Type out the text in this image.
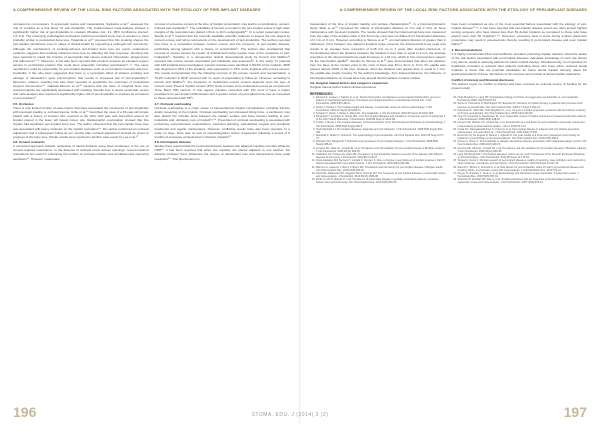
A COMPREHENSIVE REVIEW OF THE LOCAL RISK FACTORS ASSOCIATED WITH THE ETIOLOGY OF PERI-IMPLANT DISEASES

compared to non-smokers. In systematic review and metaanalysis, Sgolastra et al.³⁷ assessed the role of smoking as a risk factor for peri-implantitis. The implant-based meta-analysis showed a significantly higher risk of peri-implantitis in smokers (Relative risk: 3.1, 95% Confidence interval: 1.5–6.4). The underlying pathological mechanism behind peri-implant bone loss in smokers is most probably similar to periodontal bone loss. Tsigarida et al.³⁸ proposed that this smoking shapes the peri-implant microbiome even in states of clinical health by supporting a pathogen-rich community. Although the mechanisms of smoking-induced peri-implant bone loss are poorly understood, evidence suggests that smoking enhances bone loss by affecting the host response. Smoking has been reported to impair the function of neutrophils that causes reduced chemotaxis, phagocytosis and adherence³⁹·⁴⁰. Moreover, it has also been reported that smokers possess an elevated oxygen tension in periodontal pockets that could favor anaerobic microbial colonization⁴¹·⁴². The same mechanism could be responsible for peri-implant diseases such as peri-implant mucositis and peri-implantitis. It has also been suggested that there is a synergistic effect of tobacco smoking and carriage of interleukin-1 gene polymorphism that results in increased risk of peri-implantitis⁴³. Moreover, tobacco smoking has also been reported to jeopardize the outcomes of periodontal surgical interventions⁴⁴. Galándo-Moreno et al.⁴⁵ reported that the rates of marginal bone loss around implants are significantly associated with smoking. Results from a recent systematic review and meta-analysis also reported a significantly higher risk of peri-implantitis in smokers as compared to non-smokers³⁷.

3.5. Occlusion

There is only limited number of case-reports that have associated the occurrence of peri-implantitis with traumatic loading or occlusal trauma. Uribe et al.⁴⁶ described the case of a 63-year-old female patient with a history of bruxism who reported to the clinic with pain and discomfort around an implant placed in the lower left lateral incisor site. Radiographic examination showed that this implant had significant peri-implant bone loss. The author observed that the peri-implant bone loss was associated with heavy occlusion on the implant restoration⁴⁶. The author performed an occlusal adjustment and a subsequent follow-up ten months after occlusal adjustment showed an arrest of progress of the bone loss. Similar results were reported in another case-report by Lee et al.⁴⁷

3.6. Cement remnants

A cemented approach towards restoration of dental implants using fixed prostheses is the use of cement-retained restorations. In the absence of occlusal screw access openings, cement-retained restorations are useful in enhancing the number of occlusal contacts and simultaneously improving aesthetics⁴⁸. However, inadequate

removal of excessive cement at the time of implant cementation may lead to a complication, cement-induced peri-implantitis⁴⁹. The probability of cement to remain in the peri-implant sulcus is high when margins of the restoration are placed 1.5mm to 3mm subgingivally⁵⁰. In a recent systematic review, Staubli et al.⁵¹ reported that the currently available scientific evidence to assess the role played by cement excess and luting components on the development of peri-implantitis. The authors reported that there is a correlation between cement excess and the presence of peri-implant disease, particularly among patients with a history of periodontitis⁵¹. The authors also emphasized that removal of excess cement by means of debridement helps resolve most of the symptoms of peri-implantitis⁵¹. Similarly, in a retrospective clinical observational study by Korsch and Walther⁵² reported that excess cement associated peri-implantitis was assessed⁵². In this study, 71 patients with 128 implants were investigated. Cement residues were identified in 59.5% of the implants. BOP was observed in 62% of the implants, and suppuration in 15% of the implants with excess cement. The results demonstrated that the following removal of the excess cement and reexamination, a 76.9% reduction in BOP occurred with no signs of suppuration in follow-up. However, according to Korsch and Walther⁵², the frequency of undetected excess cement depends upon the type of cement used. Present implant cement (PIC) tends to leave more undetected excess as compared to Temp Bond (TB) cement. In this regard, implants cemented with PIC tend to have a higher prevalence for peri-implant inflammation and a greater extent of peri-implant bone loss as compared to those cemented with TB⁵².

3.7. Occlusal overloading

Occlusal overloading is a major cause of biomechanical implant complications including fracture and/or loosening of the implant. Occlusal overloading (an increased biting force, a cantilever) may also disturb the intricate bond between the implant surface and bone thereby leading to peri-implantitis and, ultimately, loss of implant⁵³·⁵⁴. Prevention of occlusal overloading is associated with performing comprehensive examinations, treatment planning, well-defined surgical and prosthetic treatments and regular maintenance. However, conflicting results have also been reported. In a study on dogs, there was no loss of osseointegration and/or progression following a period of 8 months of excessive occlusal load on titanium implants⁵⁵.

3.8. Interimplant distance

Studies have reported that the horizontal distance between two adjacent implants can also influence CBH⁵⁶. It has been reported that when two implants are placed adjacent to one another, the distance between them influences the degree of interimplant loss and interproximal bone peak resorption⁵⁶. This phenomenon is

A COMPREHENSIVE REVIEW OF THE LOCAL RISK FACTORS ASSOCIATED WITH THE ETIOLOGY OF PERI-IMPLANT DISEASES

independent of the time of implant loading and surface characteristics⁵⁷. In a histomorphometric study, Elian et al.⁵⁸ compared the effects of interimplant distance (2 mm and 3 mm) on bone maintenance with two-level implants. The results showed that the interproximal bone loss measured from the edge of the implant collar to the first bone crest was not different for interimplant distances of 2 mm or 3 mm. However, according to Tarnow et al.⁵⁹, an interimplant distance of greater than 3 millimeters (mm) between two adjacent implants helps preserve the interproximal bone peak and results in an average bone resorption of 0.45 mm up to 3 years after implant placement. In circumstances where the distance between the implants is less than or equal to 3 mm, the average resorption of the interproximal bone peak increases to 1.04 mm, which in turn compromises support for the interimplant papilla⁵⁹. Results by Tarnow et al.⁵⁹ also demonstrated that when the distance from the base of the contact point to the crest of bone was 5mm, 6mm or 7mm, the papilla was present almost 100% of the time; however, when the distance was greater than or equal to 7 mm, the papilla was mostly missing. To the author's knowledge, from indexed literature, the influence of interimplant distance on crestal bone loss around dental implants remains unclear.

3.9. Surgical related factors and surgeon's experience

Surgical trauma and/or limited clinical experience

have been considered as one of the most essential factors associated with the etiology of peri-implant disease⁶⁰·⁶¹. It has been reported that peri-implant disease scores are often at their highest among surgeons who have placed less than 50 dental implants as compared to those who have placed more than 50 implants⁶²·⁶³. Moreover, excessive heat or force during implant placement procedures may result in osteonecrosis thereby resulting in peri-implant disease and even implant failure⁶⁴.

4. Recommendations

It is highly recommended that oral healthcare providers practicing implant dentistry should be aware of the risk factors associated with peri-implant diseases. Adequate knowledge of such risk factors may also be useful in selecting patients for future implant therapy. Simultaneously, it is imperative for healthcare providers to educate their patients (including those who have either received dental implants or those that are potential candidates for future dental implant therapy) about the detrimental effects of these risk factors on the success and survival of dental implant treatments.

Conflict of interest and financial disclosure

The authors report no conflict of interest and have received no external source of funding for the present study.

REFERENCES
1. Renvert S, Lessem J, Dahlén G, et al. Topical minocycline microspheres versus topical chlorhexidine gel as an adjunct to mechanical debridement of incipient peri-implant infections: a randomized clinical trial. J Clin Periodontol. 2006;33(5):362-9.
2. Derks J, Tomasi C. Peri-implant health and disease. A systematic review of current epidemiology. J Clin Periodontol. 2015;42 Suppl 16:S158-71.
3. Schwarz F, Derks J, Monje A, Wang HL. Peri-implantitis. J Clin Periodontol. 2018;45 Suppl 20:S246-S66.
4. Berglundh T, Armitage G, Araujo MG, et al. Peri-implant diseases and conditions: Consensus report of workgroup 4 of the 2017 World Workshop. J Periodontol. 2018;89 Suppl 1:S313-S8.
5. Lindhe J, Meyle J. Peri-implant diseases: Consensus Report of the Sixth European Workshop on Periodontology. J Clin Periodontol. 2008;35(8 Suppl):282-5.
6. Heitz-Mayfield LJ. Peri-implant diseases: diagnosis and risk indicators. J Clin Periodontol. 2008;35(8 Suppl):292-304.
7. Mombelli A, Muller N, Cionca N. The epidemiology of peri-implantitis. Clin Oral Implants Res. 2012;23 Suppl 6:67-76.
8. Zitzmann NU, Berglundh T. Definition and prevalence of peri-implant diseases. J Clin Periodontol. 2008;35(8 Suppl):286-91.
9. Ferreira SD, Silva GL, Cortelli JR, et al. Prevalence and risk variables for peri-implant disease in Brazilian subjects. J Clin Periodontol. 2006;33(12):929-35.
10. Koldsland OC, Scheie AA, Aass AM. Prevalence of peri-implantitis related to severity of the disease with different degrees of bone loss. J Periodontol. 2010;81(2):231-8.
11. Roos-Jansaker AM, Renvert H, Lindahl C, Renvert S. Nine- to fourteen-year follow-up of implant treatment. Part III: factors associated with peri-implant lesions. J Clin Periodontol. 2006;33(4):296-301.
12. Marrone A, Lasserre J, Bercy P, Brecx MC. Prevalence and risk factors for peri-implant disease in Belgian adults. Clin Oral Implants Res. 2013;24(8):934-40.
13. Atieh MA, Alsabeeha NH, Faggion CM Jr, Duncan WJ. The frequency of peri-implant diseases: a systematic review and meta-analysis. J Periodontol. 2013;84(11):1586-98.
14. Rinke S, Ohl S, Ziebolz D, et al. Prevalence of periimplant disease in partially edentulous patients: a practice-based cross-sectional study. Clin Oral Implants Res. 2011;22(8):826-33.
15. Heitz-Mayfield LJ, Lang NP. Comparative biology of chronic and aggressive periodontitis vs. peri-implantitis. Periodontol 2000. 2010;53:167-81.
16. Schou S, Holmstrup P, Worthington HV, Esposito M. Outcome of implant therapy in patients with previous tooth loss due to periodontitis. Clin Oral Implants Res. 2006;17 Suppl 2:104-23.
17. Karoussis IK, Salvi GE, Heitz-Mayfield LJ, et al. Long-term implant prognosis in patients with and without a history of chronic periodontitis. Clin Oral Implants Res. 2003;14(3):329-39.
18. Ong CT, Ivanovski S, Needleman IG, et al. Systematic review of implant outcomes in treated periodontitis subjects. J Clin Periodontol. 2008;35(5):438-62.
19. Ferreira SD, Martins CC, Amaral SA, et al. Periodontitis as a risk factor for peri-implantitis: systematic review and meta-analysis of observational studies. J Dent. 2018;79:1-10.
20. Costa FO, Takenaka-Martinez S, Cota LO, et al. Peri-implant disease in subjects with and without preventive maintenance: a 5-year follow-up. J Clin Periodontol. 2012;39(2):173-81.
21. Roccuzzo M, De Angelis N, Bonino L, Aglietta M. Ten-year results of a three-arm prospective cohort study on implants in periodontally compromised patients. Clin Oral Implants Res. 2010;21(5):490-6.
22. Serino G, Strom C. Peri-implantitis in partially edentulous patients: association with inadequate plaque control. Clin Oral Implants Res. 2009;20(2):169-74.
23. Ferreira SD, Silva GL, Cortelli JR, et al. Prevalence and risk variables for peri-implant disease in Brazilian subjects. J Clin Periodontol. 2006;33(12):929-35.
24. Lang NP, Berglundh T. Periimplant diseases: where are we now? Consensus of the Seventh European Workshop on Periodontology. J Clin Periodontol. 2011;38 Suppl 11:178-81.
25. Tomasi C, Derks J. Clinical research of peri-implant diseases: quality of reporting, case definitions and methods to study incidence, prevalence and risk factors. J Clin Periodontol. 2012;39 Suppl 12:207-23.
26. Stacchi C, Berton F, Perinetti G, et al. Risk factors for peri-implantitis: effect of history of periodontal disease and smoking habits. A systematic review and meta-analysis. J Oral Maxillofac Res. 2016;7(3):e3.
27. Dreyer H, Grischke J, Tiede C, et al. Epidemiology and risk factors of peri-implantitis: A systematic review. J Periodontal Res. 2018;53(5):657-81.
28. Strietzel FP, Reichart PA, Kale A, et al. Smoking interferes with the prognosis of dental implant treatment: a systematic review and meta-analysis. J Clin Periodontol. 2007;34(6):523-44.
196	STOMA. EDU. J (2014) 3 (2)	197
